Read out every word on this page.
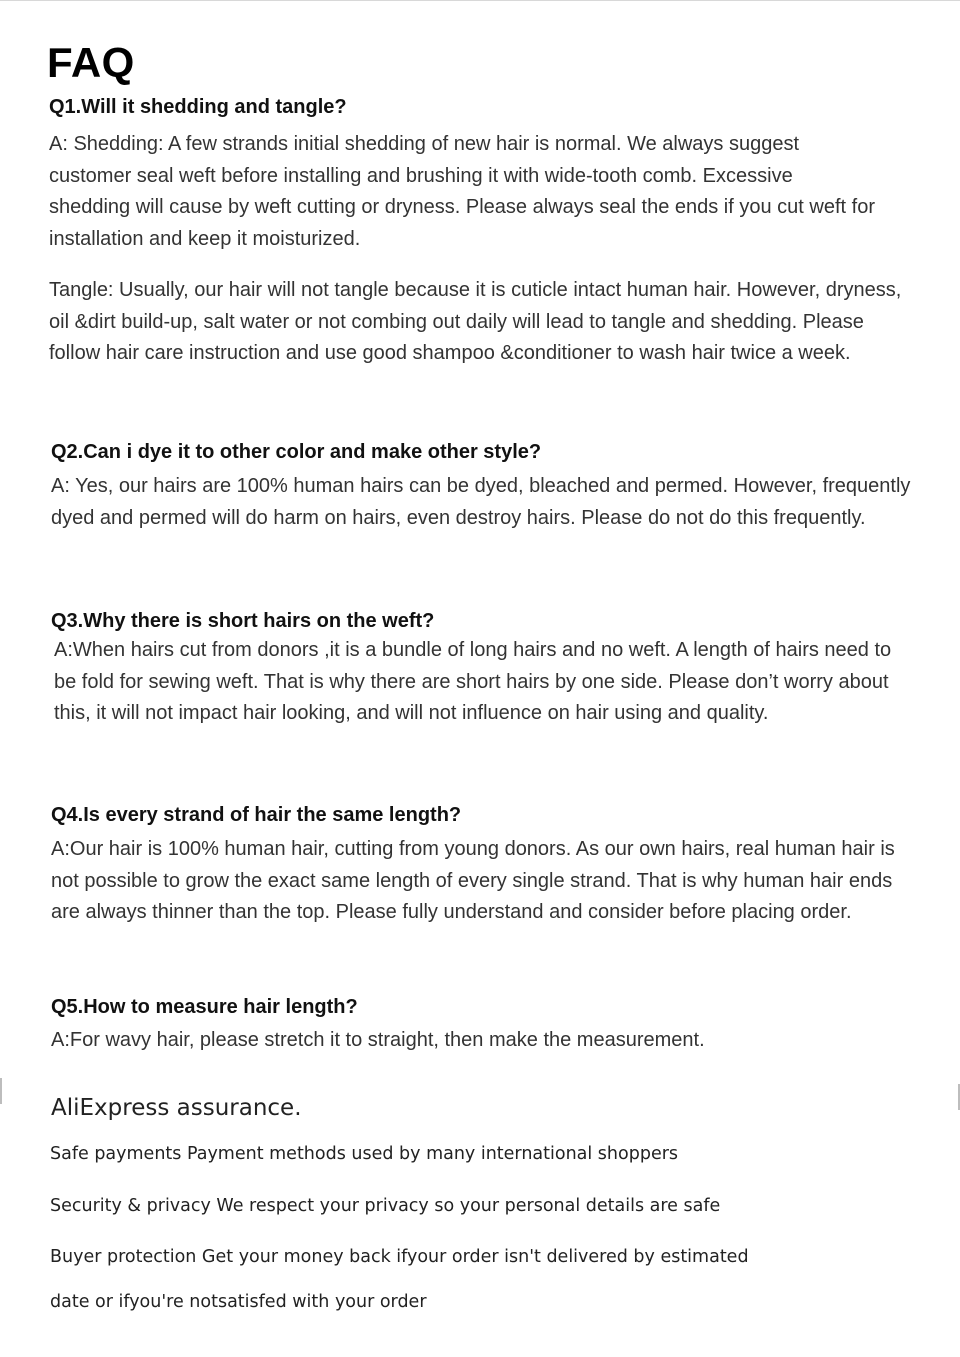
FAQ
Q1.Will it shedding and tangle?

A: Shedding: A few strands initial shedding of new hair is normal. We always suggest customer seal weft before installing and brushing it with wide-tooth comb. Excessive shedding will cause by weft cutting or dryness. Please always seal the ends if you cut weft for installation and keep it moisturized.

Tangle: Usually, our hair will not tangle because it is cuticle intact human hair. However, dryness, oil &dirt build-up, salt water or not combing out daily will lead to tangle and shedding. Please follow hair care instruction and use good shampoo &conditioner to wash hair twice a week.

Q2.Can i dye it to other color and make other style?

A: Yes, our hairs are 100% human hairs can be dyed, bleached and permed. However, frequently dyed and permed will do harm on hairs, even destroy hairs. Please do not do this frequently.

Q3.Why there is short hairs on the weft?

A:When hairs cut from donors ,it is a bundle of long hairs and no weft. A length of hairs need to be fold for sewing weft. That is why there are short hairs by one side. Please don’t worry about this, it will not impact hair looking, and will not influence on hair using and quality.

Q4.Is every strand of hair the same length?

A:Our hair is 100% human hair, cutting from young donors. As our own hairs, real human hair is not possible to grow the exact same length of every single strand. That is why human hair ends are always thinner than the top. Please fully understand and consider before placing order.

Q5.How to measure hair length?

A:For wavy hair, please stretch it to straight, then make the measurement.

AliExpress assurance.
Safe payments Payment methods used by many international shoppers
Security & privacy We respect your privacy so your personal details are safe
Buyer protection Get your money back ifyour order isn't delivered by estimated
date or ifyou're notsatisfed with your order
